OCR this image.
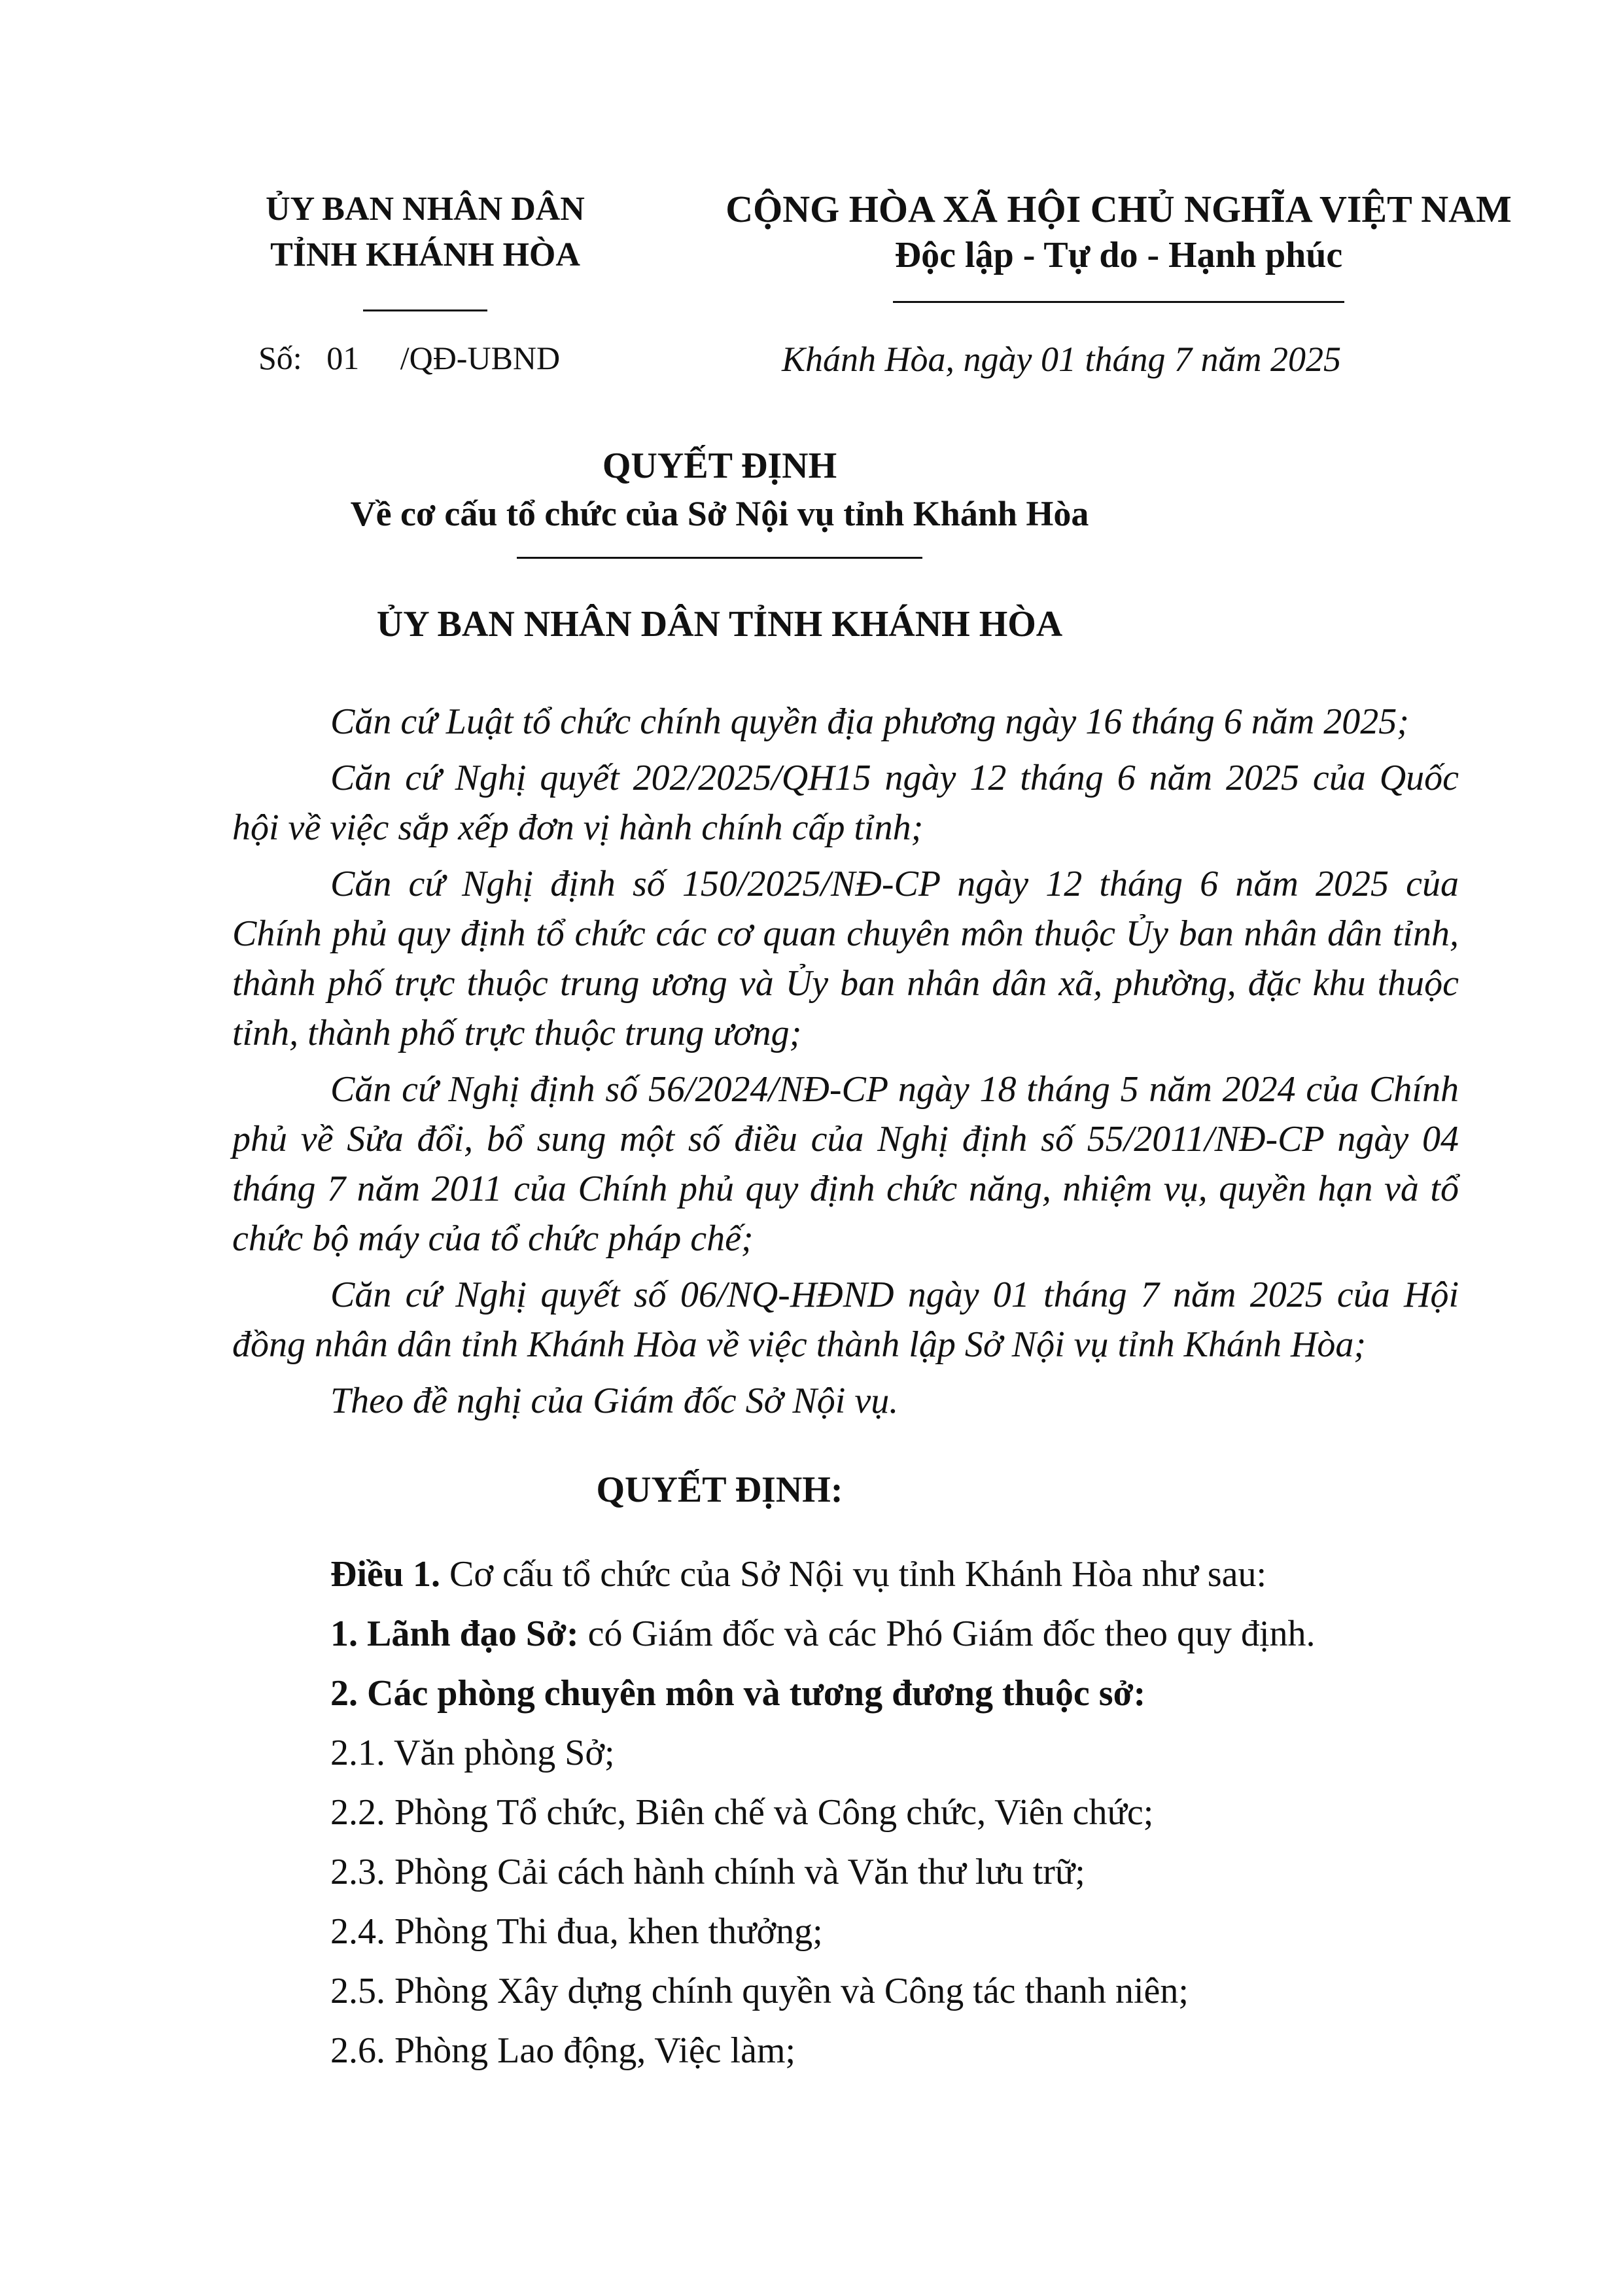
ỦY BAN NHÂN DÂN
TỈNH KHÁNH HÒA
CỘNG HÒA XÃ HỘI CHỦ NGHĨA VIỆT NAM
Độc lập - Tự do - Hạnh phúc
Số: 01 /QĐ-UBND	Khánh Hòa, ngày 01 tháng 7 năm 2025
QUYẾT ĐỊNH
Về cơ cấu tổ chức của Sở Nội vụ tỉnh Khánh Hòa
ỦY BAN NHÂN DÂN TỈNH KHÁNH HÒA

Căn cứ Luật tổ chức chính quyền địa phương ngày 16 tháng 6 năm 2025;

Căn cứ Nghị quyết 202/2025/QH15 ngày 12 tháng 6 năm 2025 của Quốc hội về việc sắp xếp đơn vị hành chính cấp tỉnh;

Căn cứ Nghị định số 150/2025/NĐ-CP ngày 12 tháng 6 năm 2025 của Chính phủ quy định tổ chức các cơ quan chuyên môn thuộc Ủy ban nhân dân tỉnh, thành phố trực thuộc trung ương và Ủy ban nhân dân xã, phường, đặc khu thuộc tỉnh, thành phố trực thuộc trung ương;

Căn cứ Nghị định số 56/2024/NĐ-CP ngày 18 tháng 5 năm 2024 của Chính phủ về Sửa đổi, bổ sung một số điều của Nghị định số 55/2011/NĐ-CP ngày 04 tháng 7 năm 2011 của Chính phủ quy định chức năng, nhiệm vụ, quyền hạn và tổ chức bộ máy của tổ chức pháp chế;

Căn cứ Nghị quyết số 06/NQ-HĐND ngày 01 tháng 7 năm 2025 của Hội đồng nhân dân tỉnh Khánh Hòa về việc thành lập Sở Nội vụ tỉnh Khánh Hòa;

Theo đề nghị của Giám đốc Sở Nội vụ.

QUYẾT ĐỊNH:
Điều 1. Cơ cấu tổ chức của Sở Nội vụ tỉnh Khánh Hòa như sau:
1. Lãnh đạo Sở: có Giám đốc và các Phó Giám đốc theo quy định.
2. Các phòng chuyên môn và tương đương thuộc sở:
2.1. Văn phòng Sở;
2.2. Phòng Tổ chức, Biên chế và Công chức, Viên chức;
2.3. Phòng Cải cách hành chính và Văn thư lưu trữ;
2.4. Phòng Thi đua, khen thưởng;
2.5. Phòng Xây dựng chính quyền và Công tác thanh niên;
2.6. Phòng Lao động, Việc làm;
